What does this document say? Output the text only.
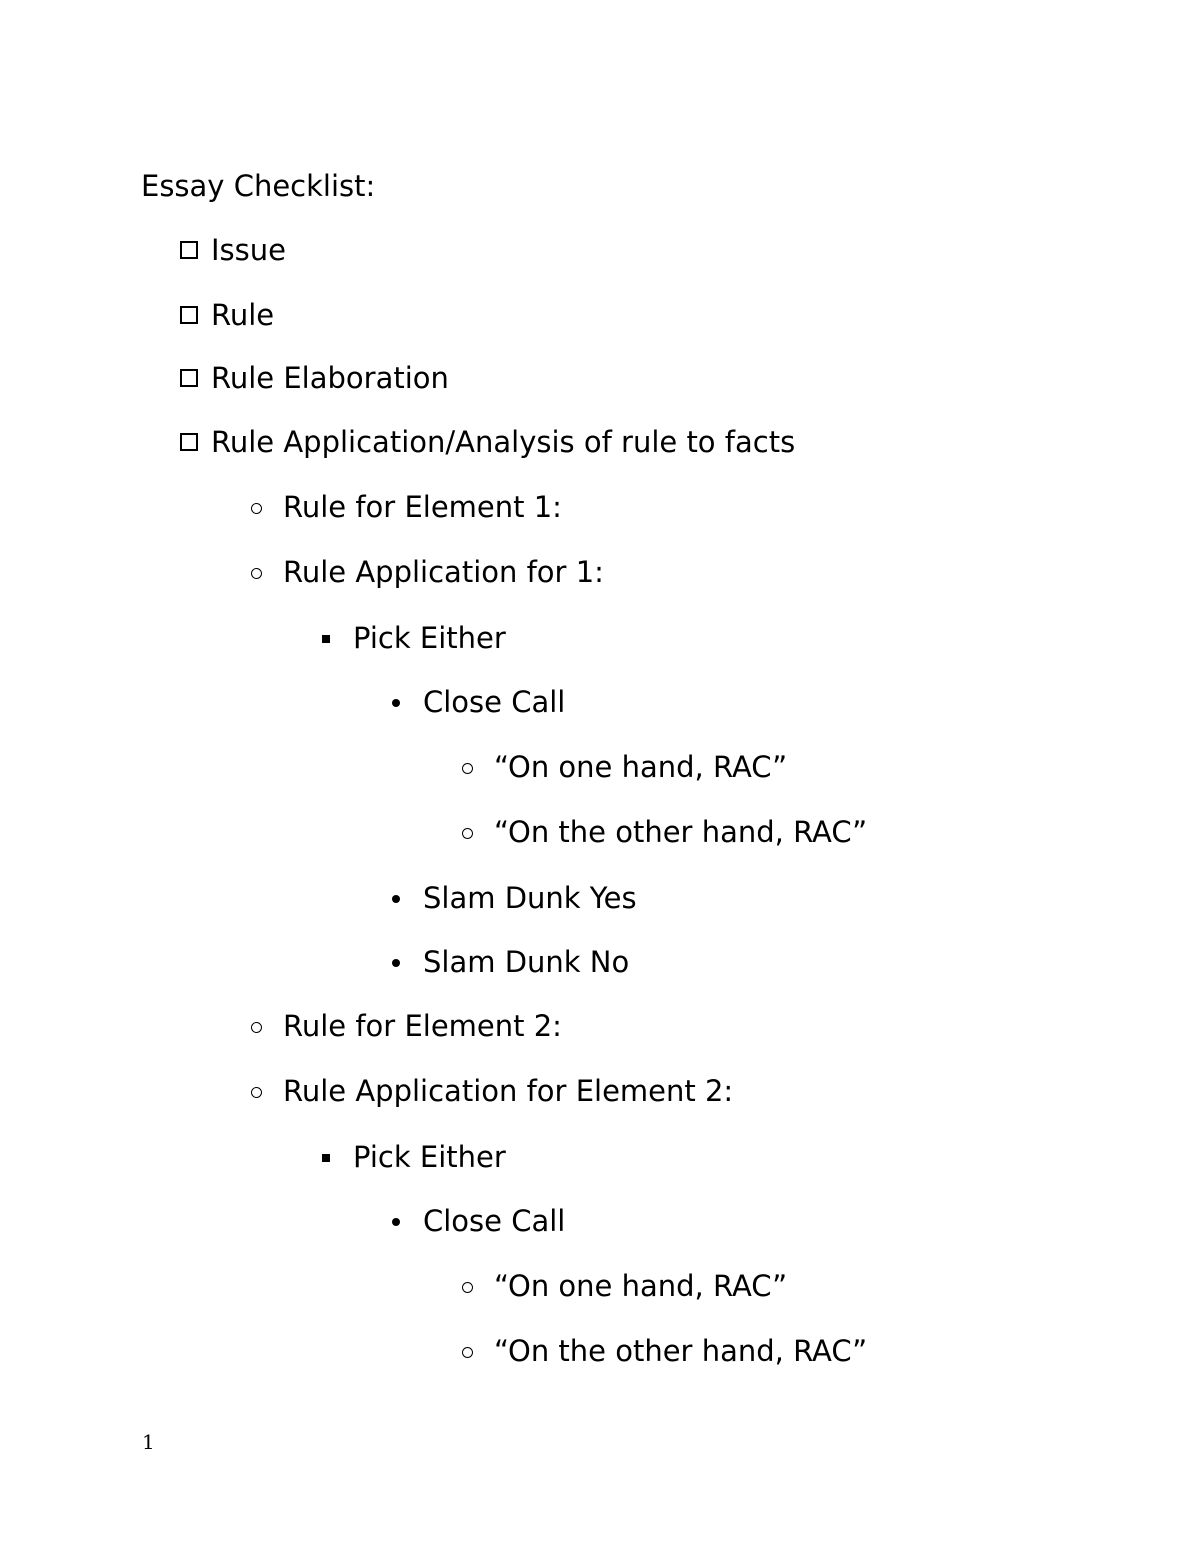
Essay Checklist:
Issue
Rule
Rule Elaboration
Rule Application/Analysis of rule to facts
Rule for Element 1:
Rule Application for 1:
Pick Either
Close Call
“On one hand, RAC”
“On the other hand, RAC”
Slam Dunk Yes
Slam Dunk No
Rule for Element 2:
Rule Application for Element 2:
Pick Either
Close Call
“On one hand, RAC”
“On the other hand, RAC”
1
